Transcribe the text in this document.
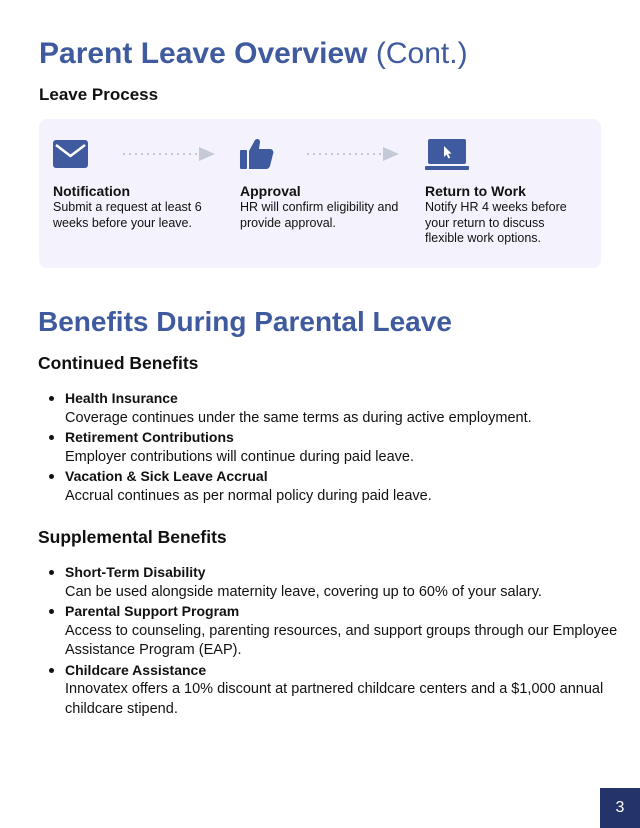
Parent Leave Overview (Cont.)
Leave Process
Notification
Submit a request at least 6 weeks before your leave.
Approval
HR will confirm eligibility and provide approval.
Return to Work
Notify HR 4 weeks before your return to discuss flexible work options.
Benefits During Parental Leave
Continued Benefits
Health Insurance
Coverage continues under the same terms as during active employment.
Retirement Contributions
Employer contributions will continue during paid leave.
Vacation & Sick Leave Accrual
Accrual continues as per normal policy during paid leave.
Supplemental Benefits
Short-Term Disability
Can be used alongside maternity leave, covering up to 60% of your salary.
Parental Support Program
Access to counseling, parenting resources, and support groups through our Employee Assistance Program (EAP).
Childcare Assistance
Innovatex offers a 10% discount at partnered childcare centers and a $1,000 annual childcare stipend.
3
